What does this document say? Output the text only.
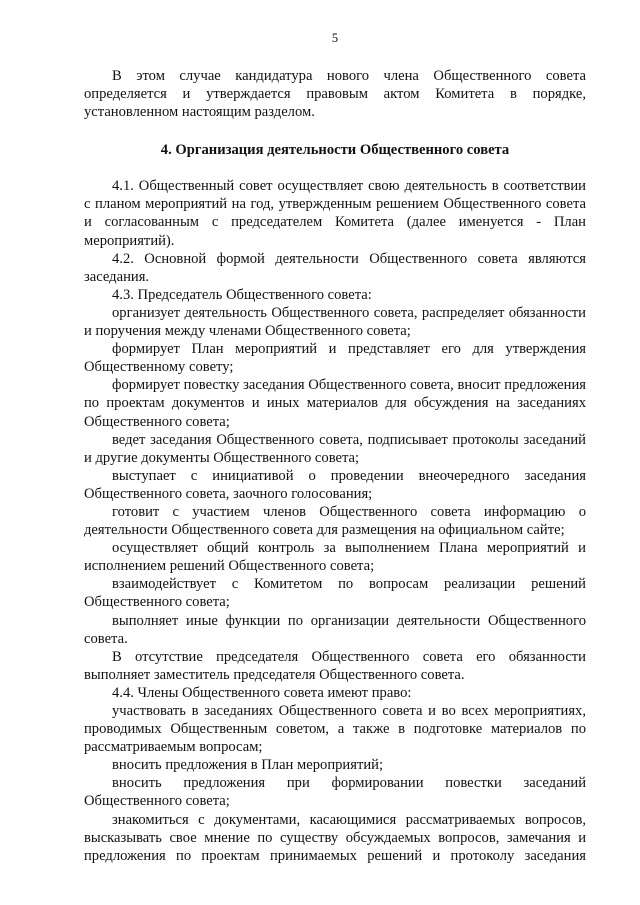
5

В этом случае кандидатура нового члена Общественного совета определяется и утверждается правовым актом Комитета в порядке, установленном настоящим разделом.

4. Организация деятельности Общественного совета

4.1. Общественный совет осуществляет свою деятельность в соответствии с планом мероприятий на год, утвержденным решением Общественного совета и согласованным с председателем Комитета (далее именуется - План мероприятий).

4.2. Основной формой деятельности Общественного совета являются заседания.

4.3. Председатель Общественного совета:

организует деятельность Общественного совета, распределяет обязанности и поручения между членами Общественного совета;

формирует План мероприятий и представляет его для утверждения Общественному совету;

формирует повестку заседания Общественного совета, вносит предложения по проектам документов и иных материалов для обсуждения на заседаниях Общественного совета;

ведет заседания Общественного совета, подписывает протоколы заседаний и другие документы Общественного совета;

выступает с инициативой о проведении внеочередного заседания Общественного совета, заочного голосования;

готовит с участием членов Общественного совета информацию о деятельности Общественного совета для размещения на официальном сайте;

осуществляет общий контроль за выполнением Плана мероприятий и исполнением решений Общественного совета;

взаимодействует с Комитетом по вопросам реализации решений Общественного совета;

выполняет иные функции по организации деятельности Общественного совета.

В отсутствие председателя Общественного совета его обязанности выполняет заместитель председателя Общественного совета.

4.4. Члены Общественного совета имеют право:

участвовать в заседаниях Общественного совета и во всех мероприятиях, проводимых Общественным советом, а также в подготовке материалов по рассматриваемым вопросам;

вносить предложения в План мероприятий;

вносить предложения при формировании повестки заседаний Общественного совета;

знакомиться с документами, касающимися рассматриваемых вопросов, высказывать свое мнение по существу обсуждаемых вопросов, замечания и предложения по проектам принимаемых решений и протоколу заседания
